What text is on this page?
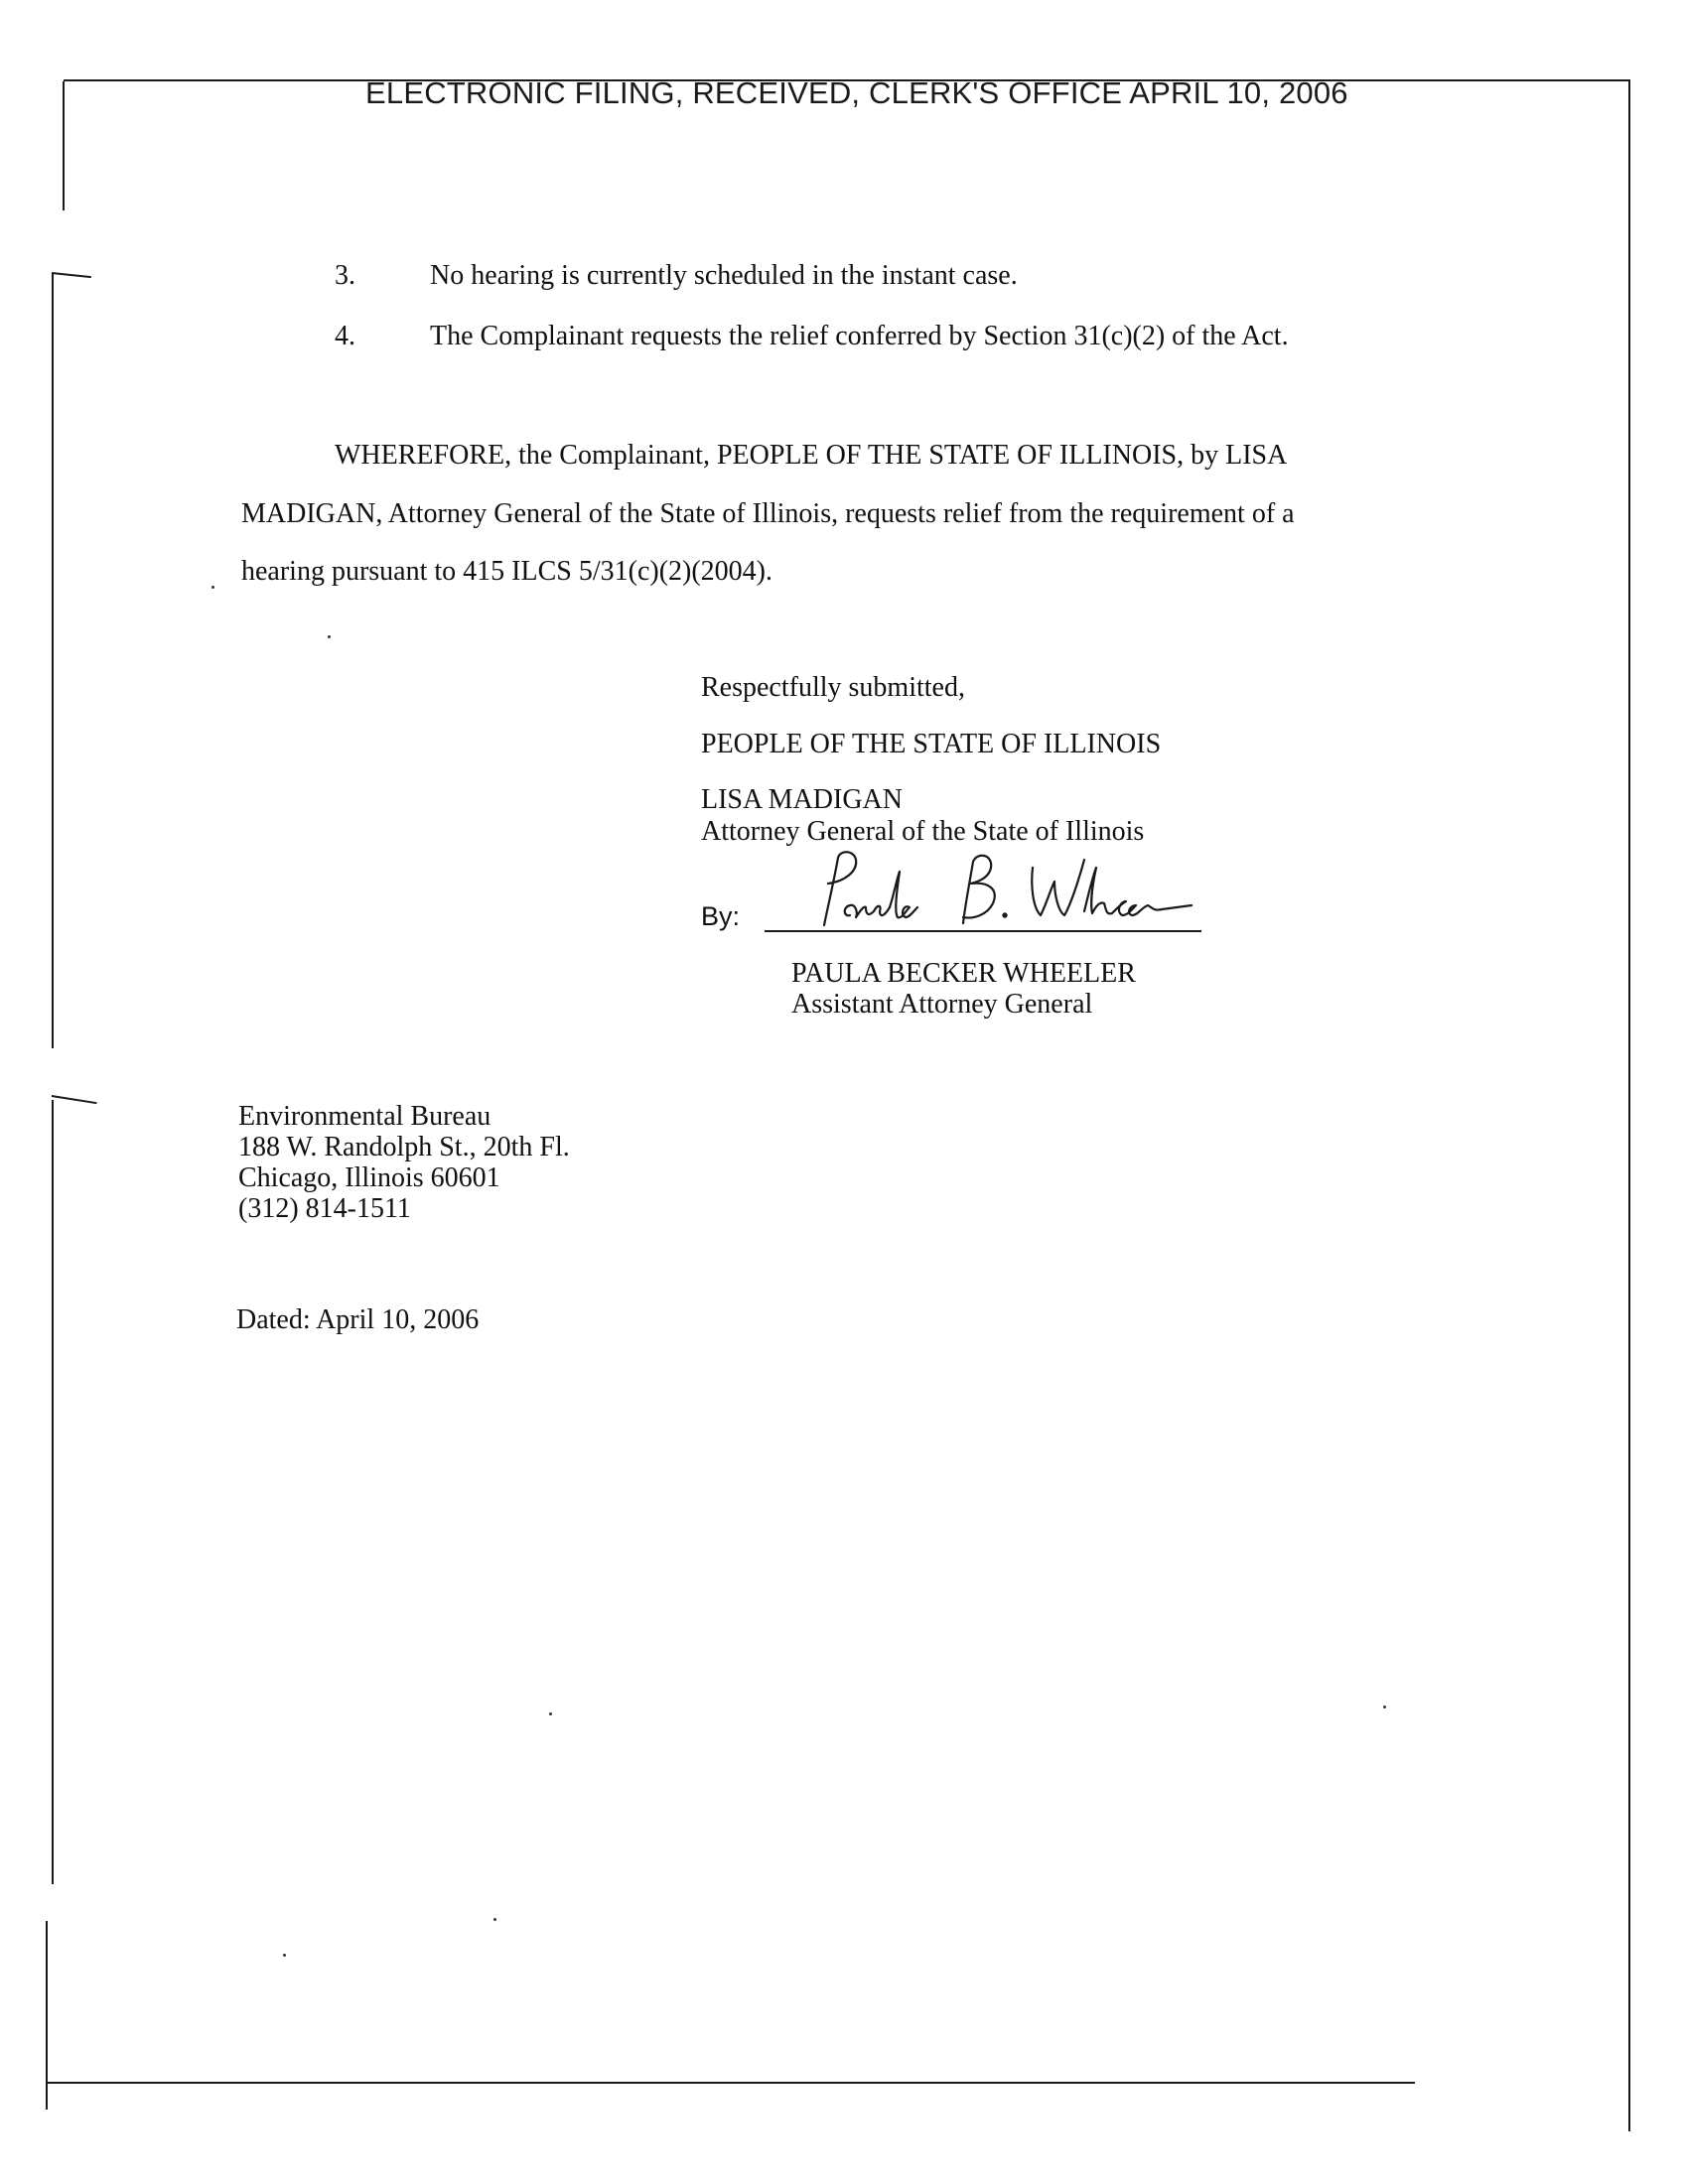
ELECTRONIC FILING, RECEIVED, CLERK'S OFFICE APRIL 10, 2006
3.	No hearing is currently scheduled in the instant case.
4.	The Complainant requests the relief conferred by Section 31(c)(2) of the Act.
WHEREFORE, the Complainant, PEOPLE OF THE STATE OF ILLINOIS, by LISA
MADIGAN, Attorney General of the State of Illinois, requests relief from the requirement of a
hearing pursuant to 415 ILCS 5/31(c)(2)(2004).
Respectfully submitted,
PEOPLE OF THE STATE OF ILLINOIS
LISA MADIGAN
Attorney General of the State of Illinois
By:
PAULA BECKER WHEELER
Assistant Attorney General
Environmental Bureau
188 W. Randolph St., 20th Fl.
Chicago, Illinois 60601
(312) 814-1511
Dated: April 10, 2006
